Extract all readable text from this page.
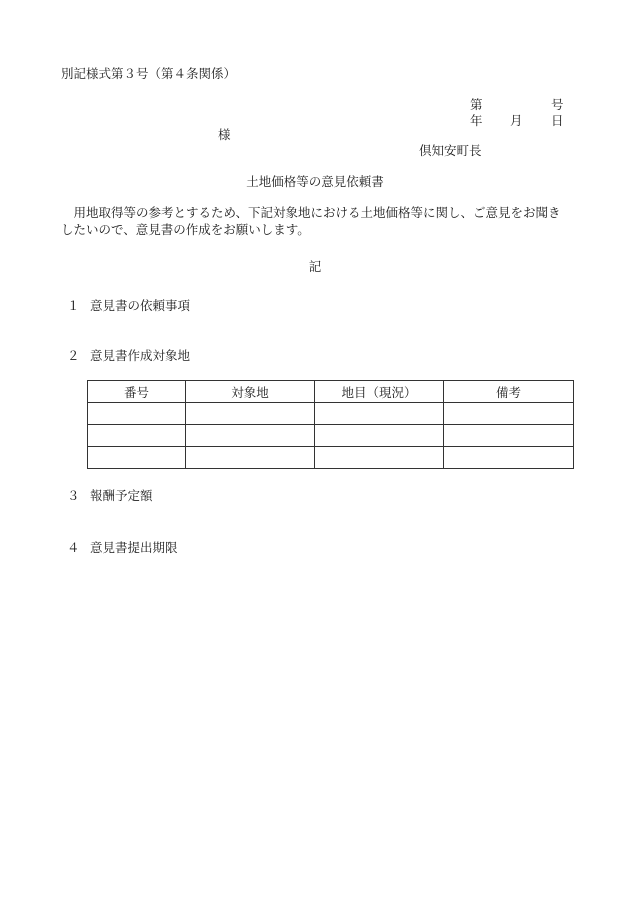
別記様式第３号（第４条関係）
第	号
年 月 日
様
倶知安町長
土地価格等の意見依頼書
　用地取得等の参考とするため、下記対象地における土地価格等に関し、ご意見をお聞きしたいので、意見書の作成をお願いします。
記
１ 意見書の依頼事項
２ 意見書作成対象地
番号	対象地	地目（現況）	備考

３ 報酬予定額
４ 意見書提出期限
